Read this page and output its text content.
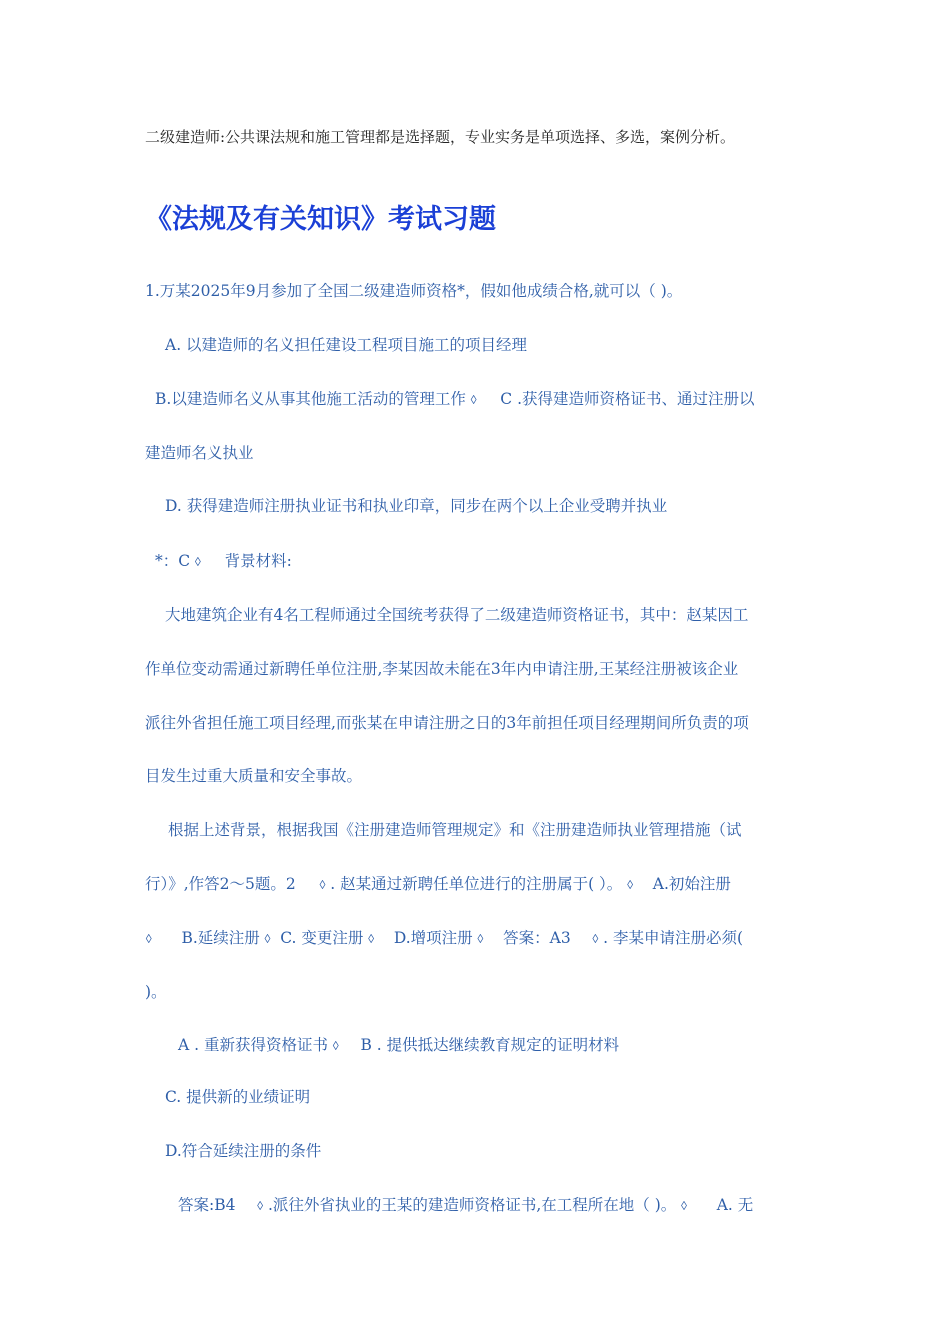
二级建造师:公共课法规和施工管理都是选择题，专业实务是单项选择、多选，案例分析。
《法规及有关知识》考试习题
1.万某2025年9月参加了全国二级建造师资格*，假如他成绩合格,就可以（ )。
A. 以建造师的名义担任建设工程项目施工的项目经理
B.以建造师名义从事其他施工活动的管理工作 ꕺ C .获得建造师资格证书、通过注册以
建造师名义执业
D. 获得建造师注册执业证书和执业印章，同步在两个以上企业受聘并执业
*：C ꕺ 背景材料:
大地建筑企业有4名工程师通过全国统考获得了二级建造师资格证书，其中：赵某因工
作单位变动需通过新聘任单位注册,李某因故未能在3年内申请注册,王某经注册被该企业
派往外省担任施工项目经理,而张某在申请注册之日的3年前担任项目经理期间所负责的项
目发生过重大质量和安全事故。
根据上述背景，根据我国《注册建造师管理规定》和《注册建造师执业管理措施（试
行）》,作答2～5题。2 ꕺ . 赵某通过新聘任单位进行的注册属于( ）。 ꕺ A.初始注册
ꕺ B.延续注册 ꕺ C. 变更注册 ꕺ D.增项注册 ꕺ 答案：A3 ꕺ . 李某申请注册必须(
)。
A . 重新获得资格证书 ꕺ B . 提供抵达继续教育规定的证明材料
C. 提供新的业绩证明
D.符合延续注册的条件
答案:B4 ꕺ .派往外省执业的王某的建造师资格证书,在工程所在地（ )。 ꕺ A. 无
